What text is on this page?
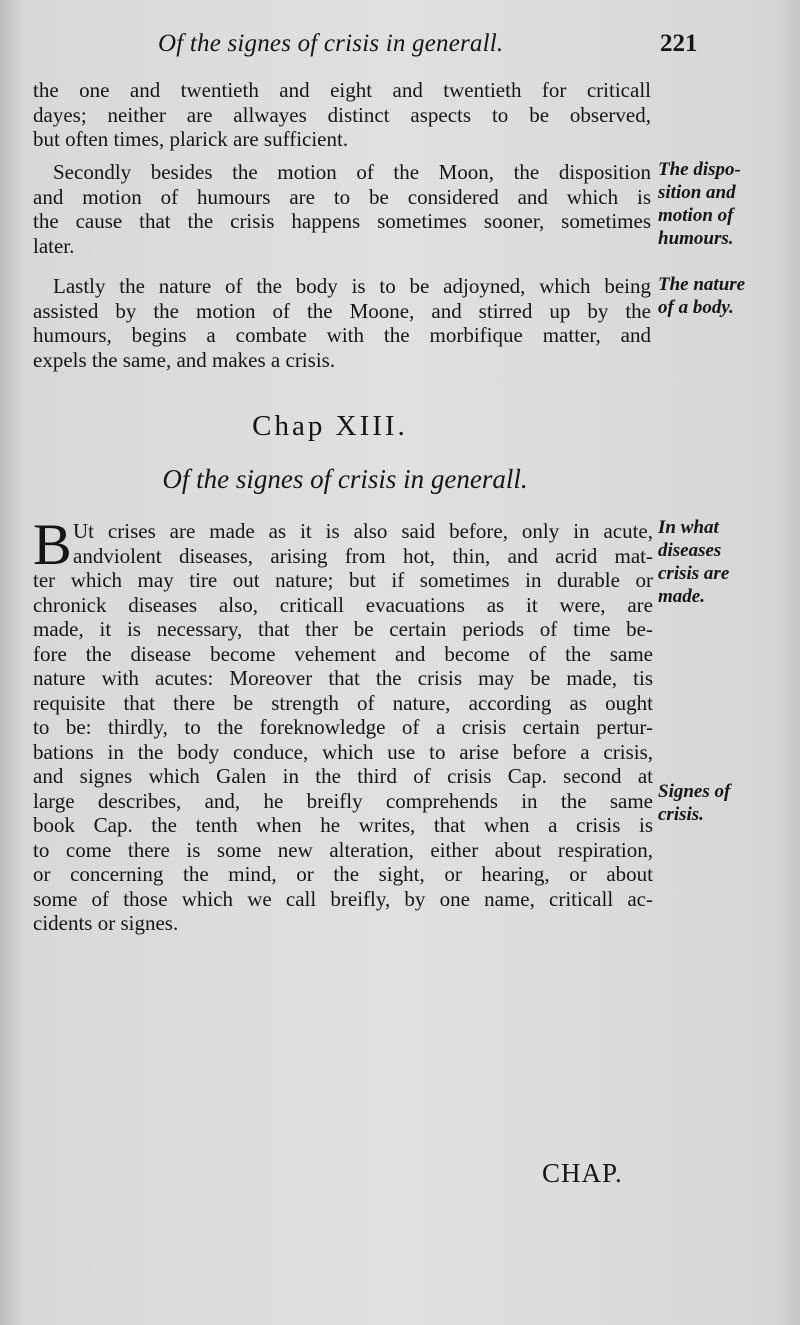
Of the signes of crisis in generall.	221
the one and twentieth and eight and twentieth for criticall
dayes; neither are allwayes distinct aspects to be observed,
but often times, plarick are sufficient.
Secondly besides the motion of the Moon, the disposition
and motion of humours are to be considered and which is
the cause that the crisis happens sometimes sooner, sometimes
later.
Lastly the nature of the body is to be adjoyned, which being
assisted by the motion of the Moone, and stirred up by the
humours, begins a combate with the morbifique matter, and
expels the same, and makes a crisis.
Chap XIII.
Of the signes of crisis in generall.
B Ut crises are made as it is also said before, only in acute,
andviolent diseases, arising from hot, thin, and acrid mat-
ter which may tire out nature; but if sometimes in durable or
chronick diseases also, criticall evacuations as it were, are
made, it is necessary, that ther be certain periods of time be-
fore the disease become vehement and become of the same
nature with acutes: Moreover that the crisis may be made, tis
requisite that there be strength of nature, according as ought
to be: thirdly, to the foreknowledge of a crisis certain pertur-
bations in the body conduce, which use to arise before a crisis,
and signes which Galen in the third of crisis Cap. second at
large describes, and, he breifly comprehends in the same
book Cap. the tenth when he writes, that when a crisis is
to come there is some new alteration, either about respiration,
or concerning the mind, or the sight, or hearing, or about
some of those which we call breifly, by one name, criticall ac-
cidents or signes.
The dispo-
sition and
motion of
humours.
The nature
of a body.
In what
diseases
crisis are
made.
Signes of
crisis.
CHAP.
